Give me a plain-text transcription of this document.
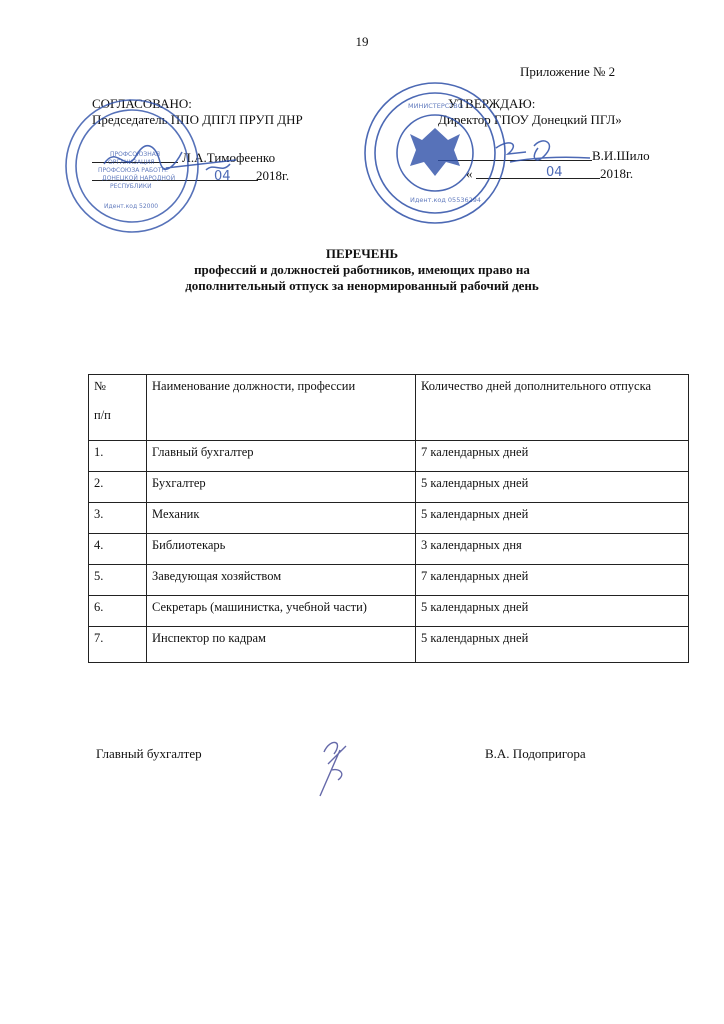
19
Приложение № 2
СОГЛАСОВАНО:
Председатель ППО ДПГЛ ПРУП ДНР
Л.А.Тимофеенко
2018г.
УТВЕРЖДАЮ:
Директор ГПОУ Донецкий ПГЛ»
В.И.Шило
«	2018г.
ПРОФСОЮЗНАЯ
ОРГАНИЗАЦИЯ
ПРОФСОЮЗА РАБОТН.
ДОНЕЦКОЙ НАРОДНОЙ
РЕСПУБЛИКИ
Идент.код 52000
04
Идент.код 05536294
МИНИСТЕРСТВО
04
ПЕРЕЧЕНЬ
профессий и должностей работников, имеющих право на
дополнительный отпуск за ненормированный рабочий день
№
п/п	Наименование должности, профессии	Количество дней дополнительного отпуска
1.	Главный бухгалтер	7 календарных дней
2.	Бухгалтер	5 календарных дней
3.	Механик	5 календарных дней
4.	Библиотекарь	3 календарных дня
5.	Заведующая хозяйством	7 календарных дней
6.	Секретарь (машинистка, учебной части)	5 календарных дней
7.	Инспектор по кадрам	5 календарных дней
Главный бухгалтер	В.А. Подопригора
